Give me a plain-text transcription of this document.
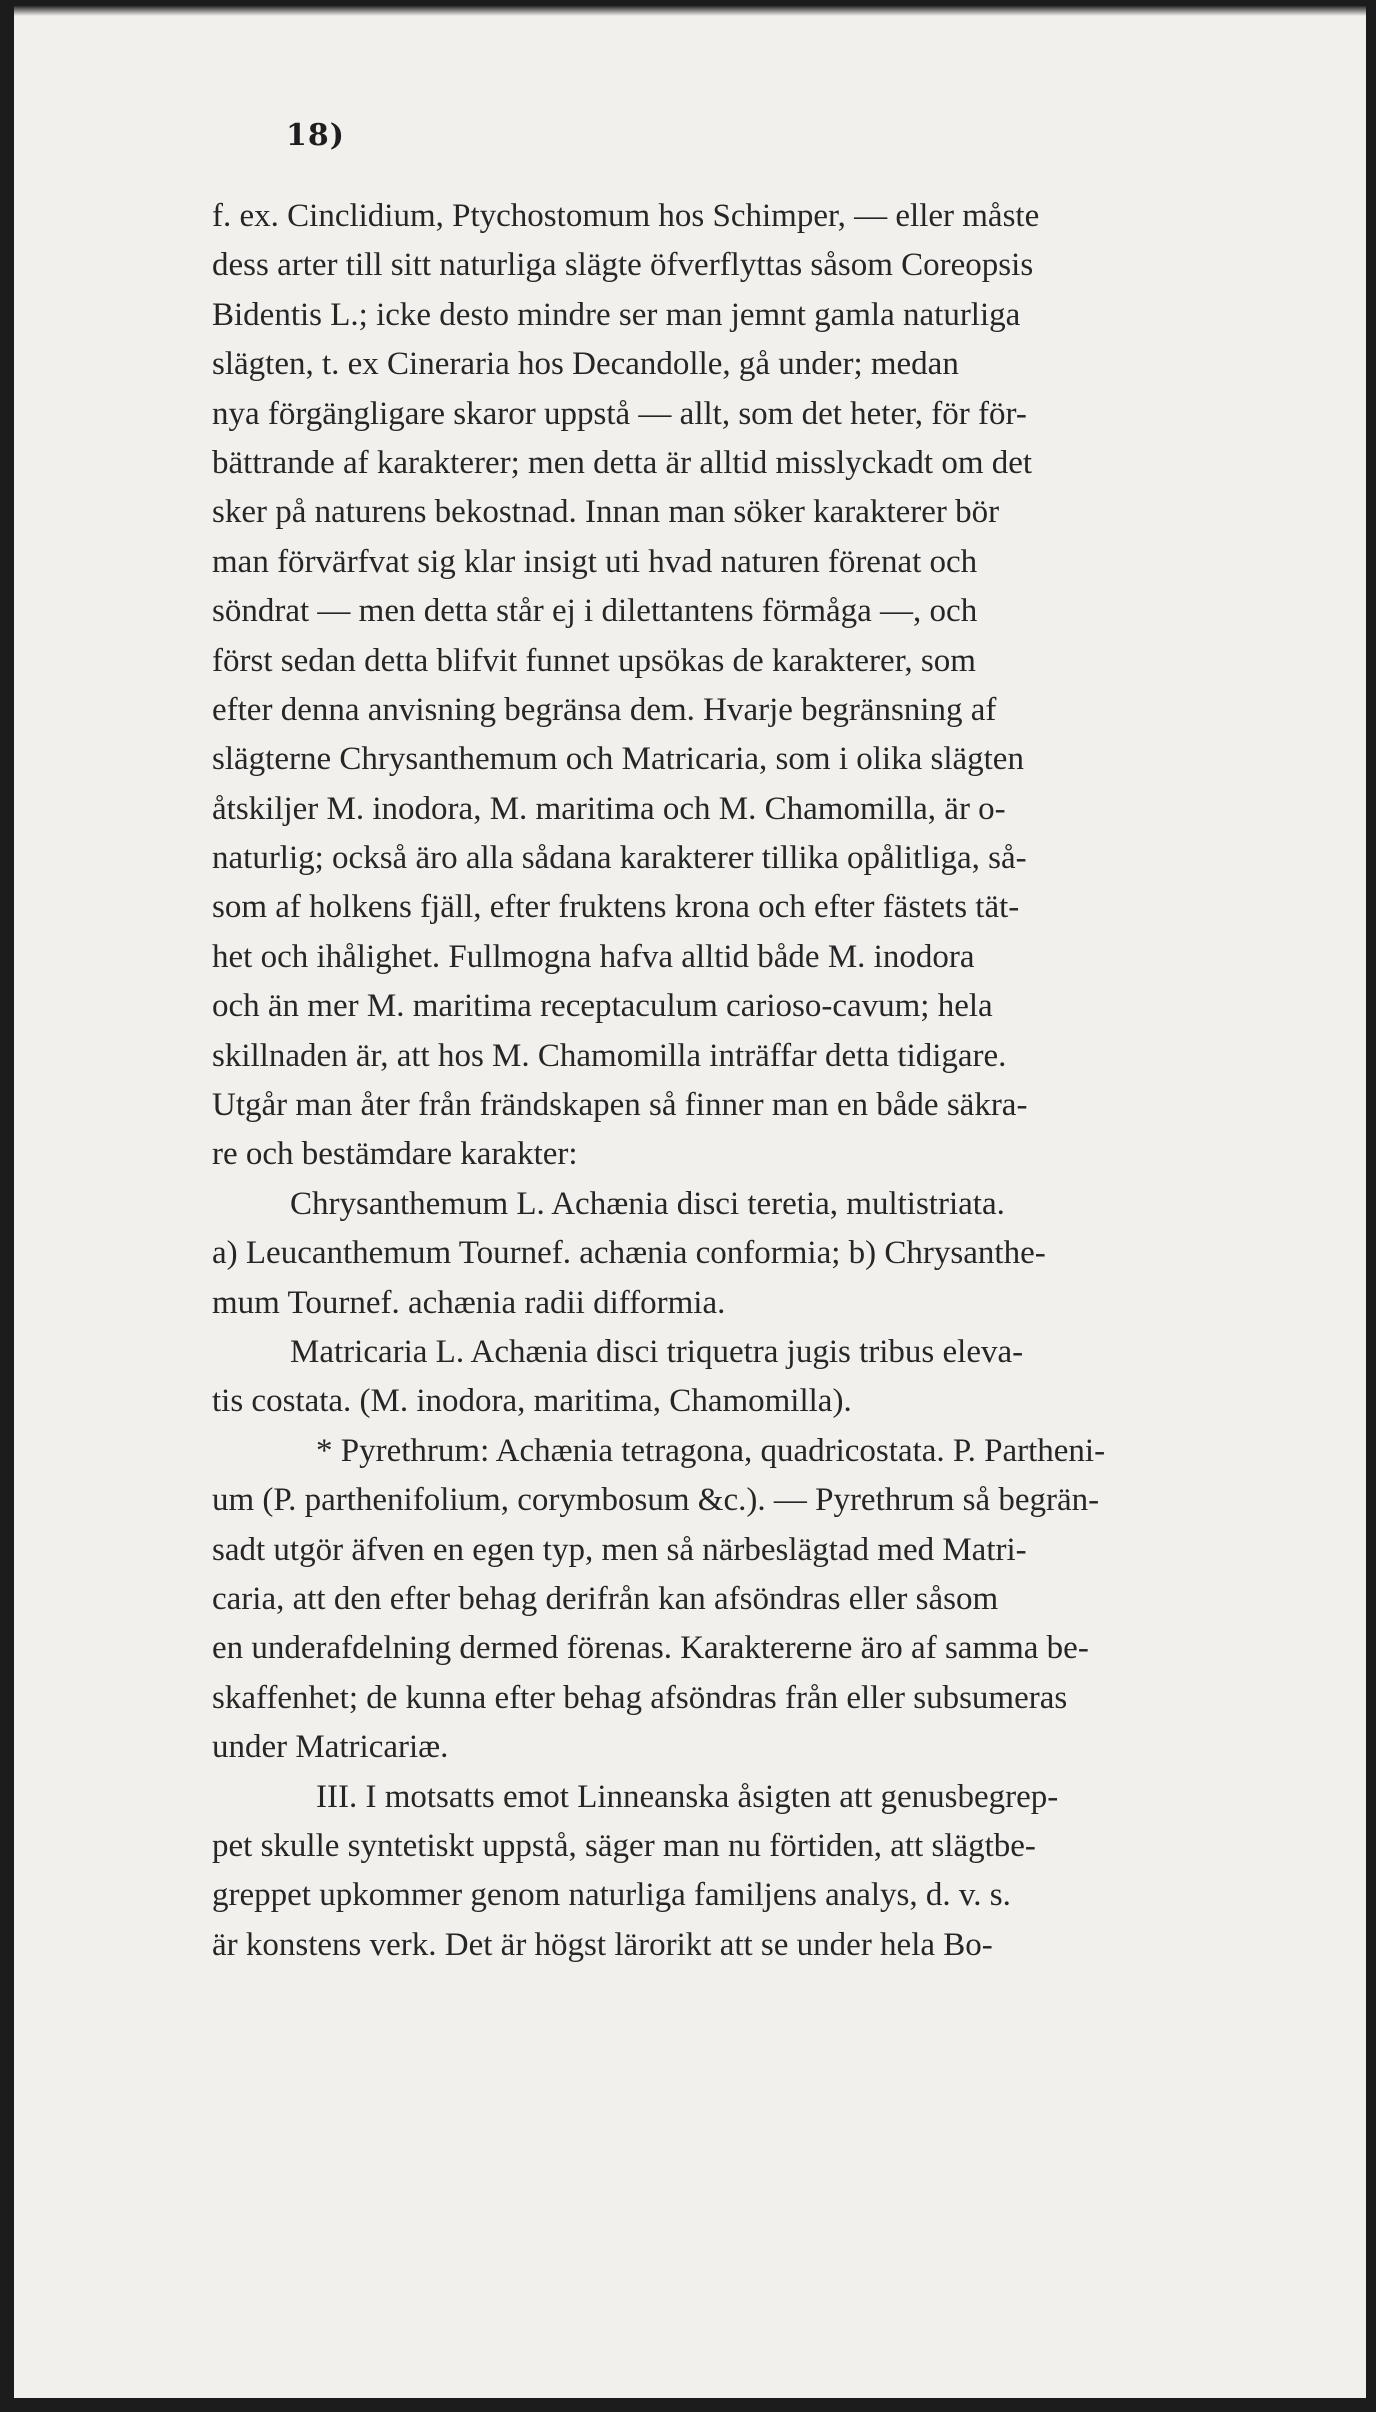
18)
f. ex. Cinclidium, Ptychostomum hos Schimper, — eller måste
dess arter till sitt naturliga slägte öfverflyttas såsom Coreopsis
Bidentis L.; icke desto mindre ser man jemnt gamla naturliga
slägten, t. ex Cineraria hos Decandolle, gå under; medan
nya förgängligare skaror uppstå — allt, som det heter, för för-
bättrande af karakterer; men detta är alltid misslyckadt om det
sker på naturens bekostnad. Innan man söker karakterer bör
man förvärfvat sig klar insigt uti hvad naturen förenat och
söndrat — men detta står ej i dilettantens förmåga —, och
först sedan detta blifvit funnet upsökas de karakterer, som
efter denna anvisning begränsa dem. Hvarje begränsning af
slägterne Chrysanthemum och Matricaria, som i olika slägten
åtskiljer M. inodora, M. maritima och M. Chamomilla, är o-
naturlig; också äro alla sådana karakterer tillika opålitliga, så-
som af holkens fjäll, efter fruktens krona och efter fästets tät-
het och ihålighet. Fullmogna hafva alltid både M. inodora
och än mer M. maritima receptaculum carioso-cavum; hela
skillnaden är, att hos M. Chamomilla inträffar detta tidigare.
Utgår man åter från frändskapen så finner man en både säkra-
re och bestämdare karakter:
Chrysanthemum L. Achænia disci teretia, multistriata.
a) Leucanthemum Tournef. achænia conformia; b) Chrysanthe-
mum Tournef. achænia radii difformia.
Matricaria L. Achænia disci triquetra jugis tribus eleva-
tis costata. (M. inodora, maritima, Chamomilla).
* Pyrethrum: Achænia tetragona, quadricostata. P. Partheni-
um (P. parthenifolium, corymbosum &c.). — Pyrethrum så begrän-
sadt utgör äfven en egen typ, men så närbeslägtad med Matri-
caria, att den efter behag derifrån kan afsöndras eller såsom
en underafdelning dermed förenas. Karaktererne äro af samma be-
skaffenhet; de kunna efter behag afsöndras från eller subsumeras
under Matricariæ.
III. I motsatts emot Linneanska åsigten att genusbegrep-
pet skulle syntetiskt uppstå, säger man nu förtiden, att slägtbe-
greppet upkommer genom naturliga familjens analys, d. v. s.
är konstens verk. Det är högst lärorikt att se under hela Bo-
